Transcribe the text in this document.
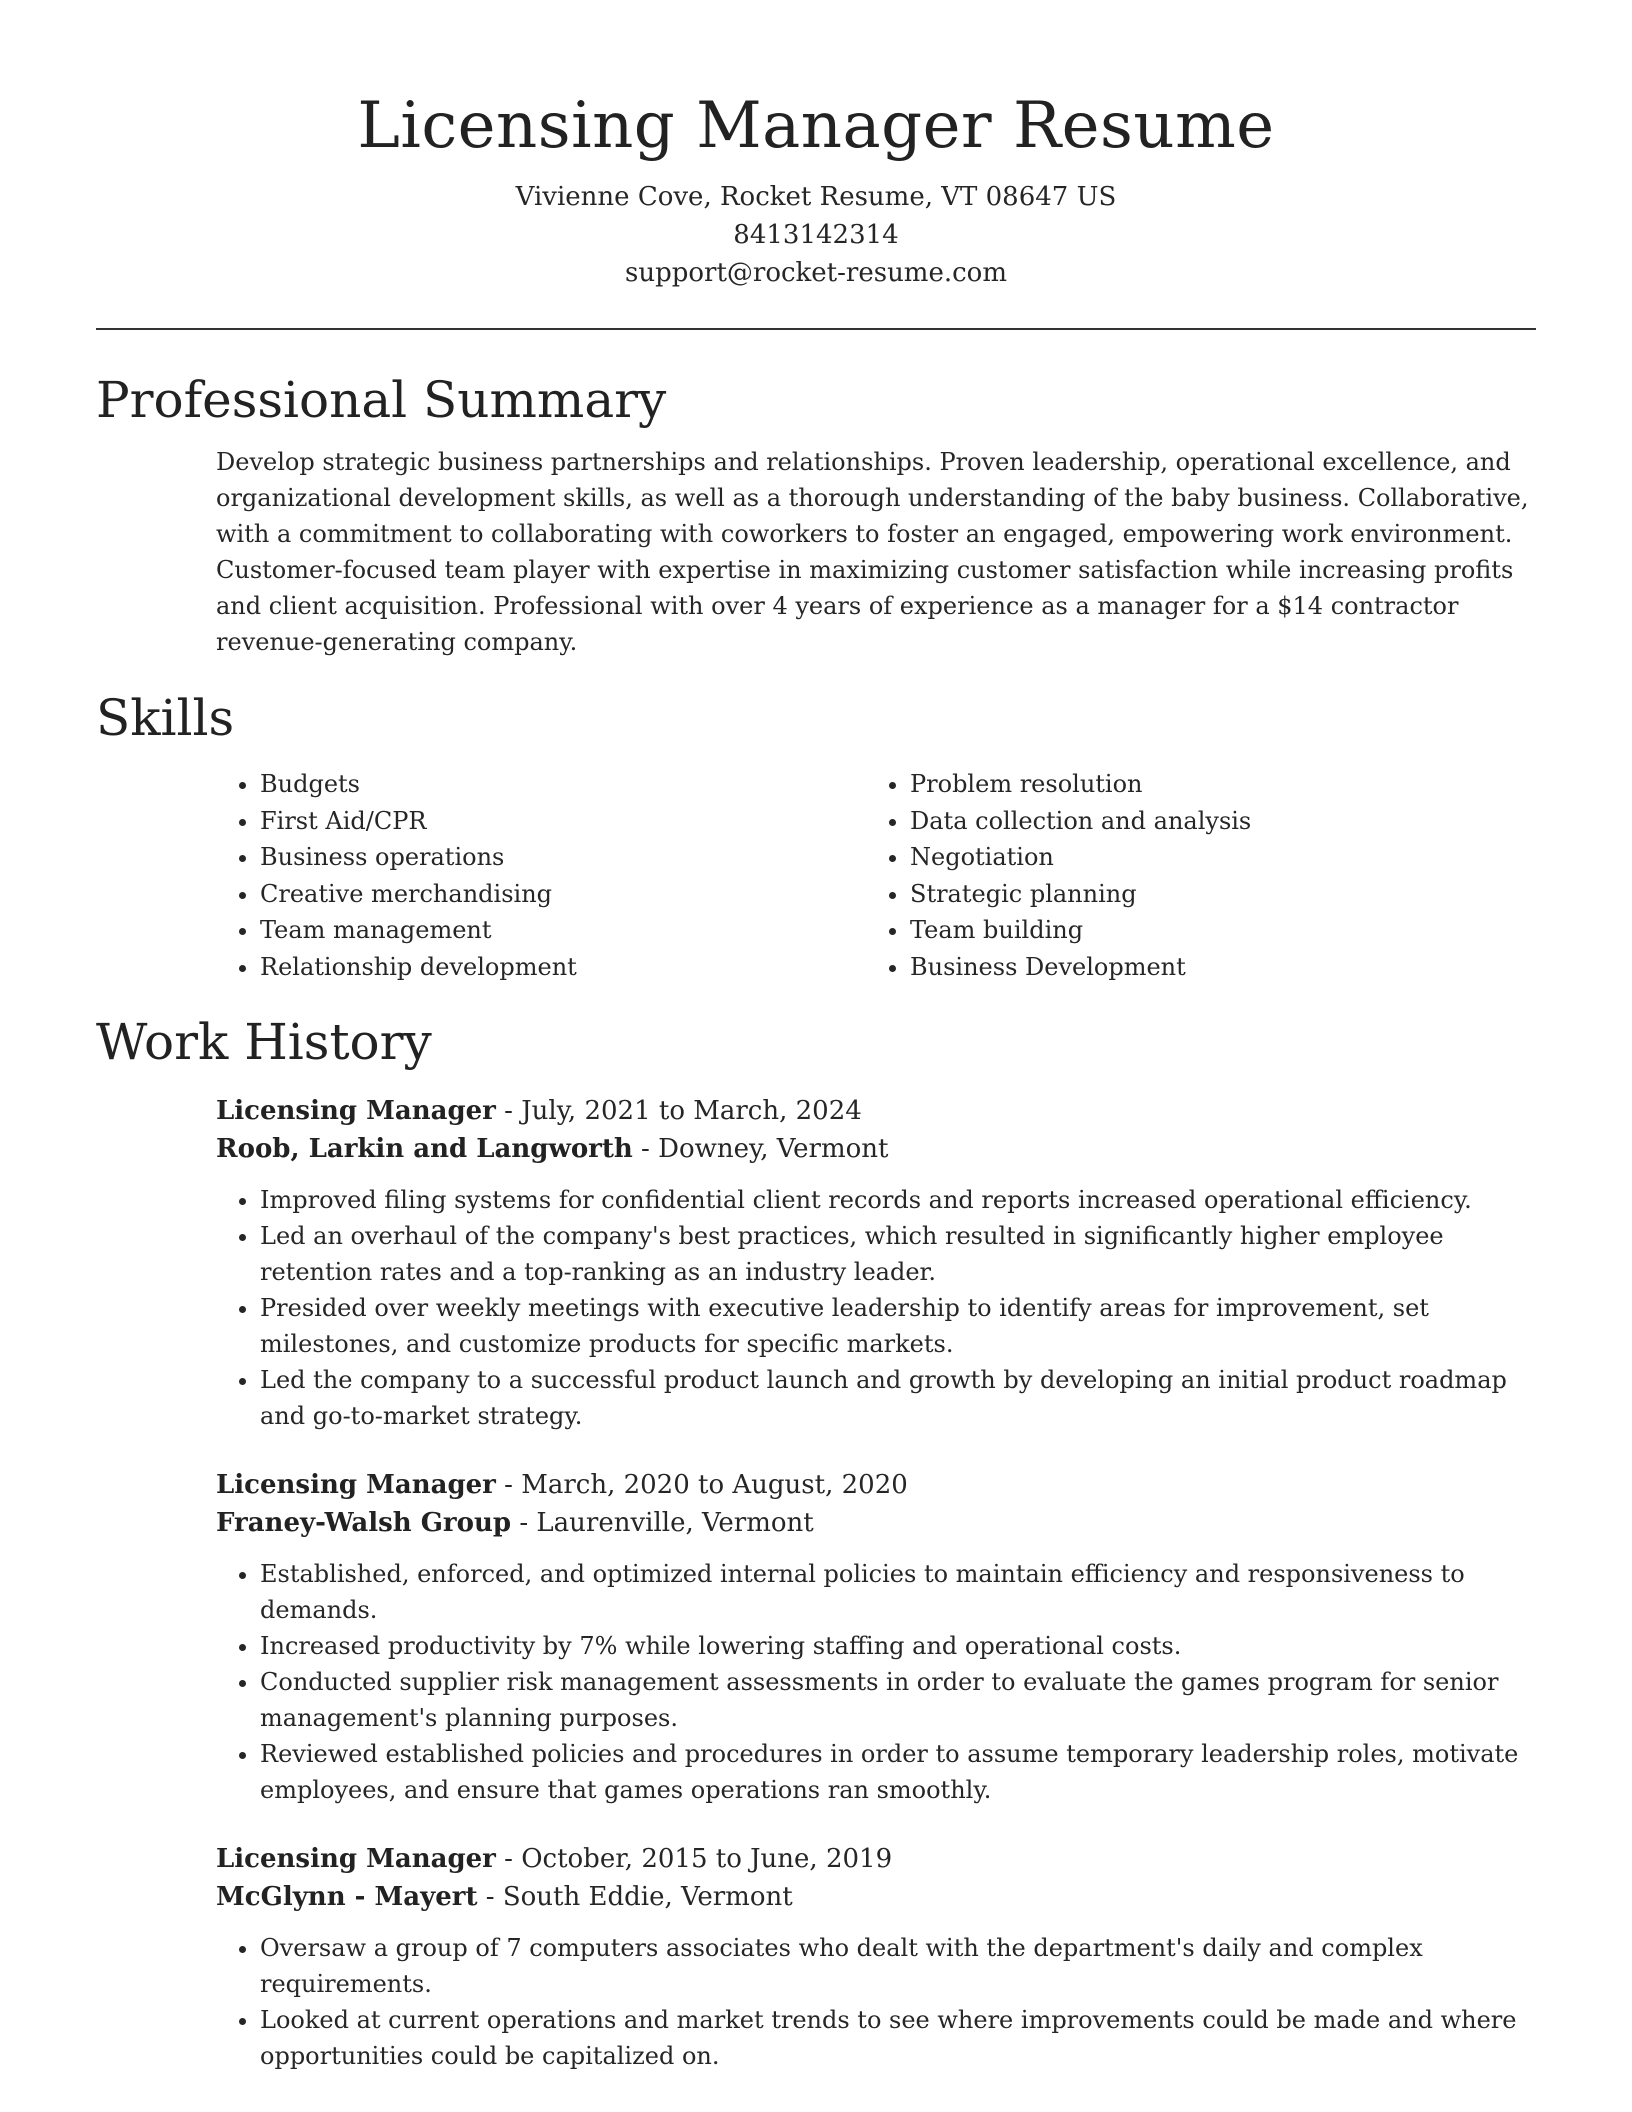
Licensing Manager Resume
Vivienne Cove, Rocket Resume, VT 08647 US
8413142314
support@rocket-resume.com
Professional Summary

Develop strategic business partnerships and relationships. Proven leadership, operational excellence, and organizational development skills, as well as a thorough understanding of the baby business. Collaborative, with a commitment to collaborating with coworkers to foster an engaged, empowering work environment. Customer-focused team player with expertise in maximizing customer satisfaction while increasing profits and client acquisition. Professional with over 4 years of experience as a manager for a $14 contractor revenue-generating company.

Skills
• Budgets
• First Aid/CPR
• Business operations
• Creative merchandising
• Team management
• Relationship development
• Problem resolution
• Data collection and analysis
• Negotiation
• Strategic planning
• Team building
• Business Development
Work History
Licensing Manager - July, 2021 to March, 2024
Roob, Larkin and Langworth - Downey, Vermont
• Improved filing systems for confidential client records and reports increased operational efficiency.
• Led an overhaul of the company's best practices, which resulted in significantly higher employee retention rates and a top-ranking as an industry leader.
• Presided over weekly meetings with executive leadership to identify areas for improvement, set milestones, and customize products for specific markets.
• Led the company to a successful product launch and growth by developing an initial product roadmap and go-to-market strategy.
Licensing Manager - March, 2020 to August, 2020
Franey-Walsh Group - Laurenville, Vermont
• Established, enforced, and optimized internal policies to maintain efficiency and responsiveness to demands.
• Increased productivity by 7% while lowering staffing and operational costs.
• Conducted supplier risk management assessments in order to evaluate the games program for senior management's planning purposes.
• Reviewed established policies and procedures in order to assume temporary leadership roles, motivate employees, and ensure that games operations ran smoothly.
Licensing Manager - October, 2015 to June, 2019
McGlynn - Mayert - South Eddie, Vermont
• Oversaw a group of 7 computers associates who dealt with the department's daily and complex requirements.
• Looked at current operations and market trends to see where improvements could be made and where opportunities could be capitalized on.
